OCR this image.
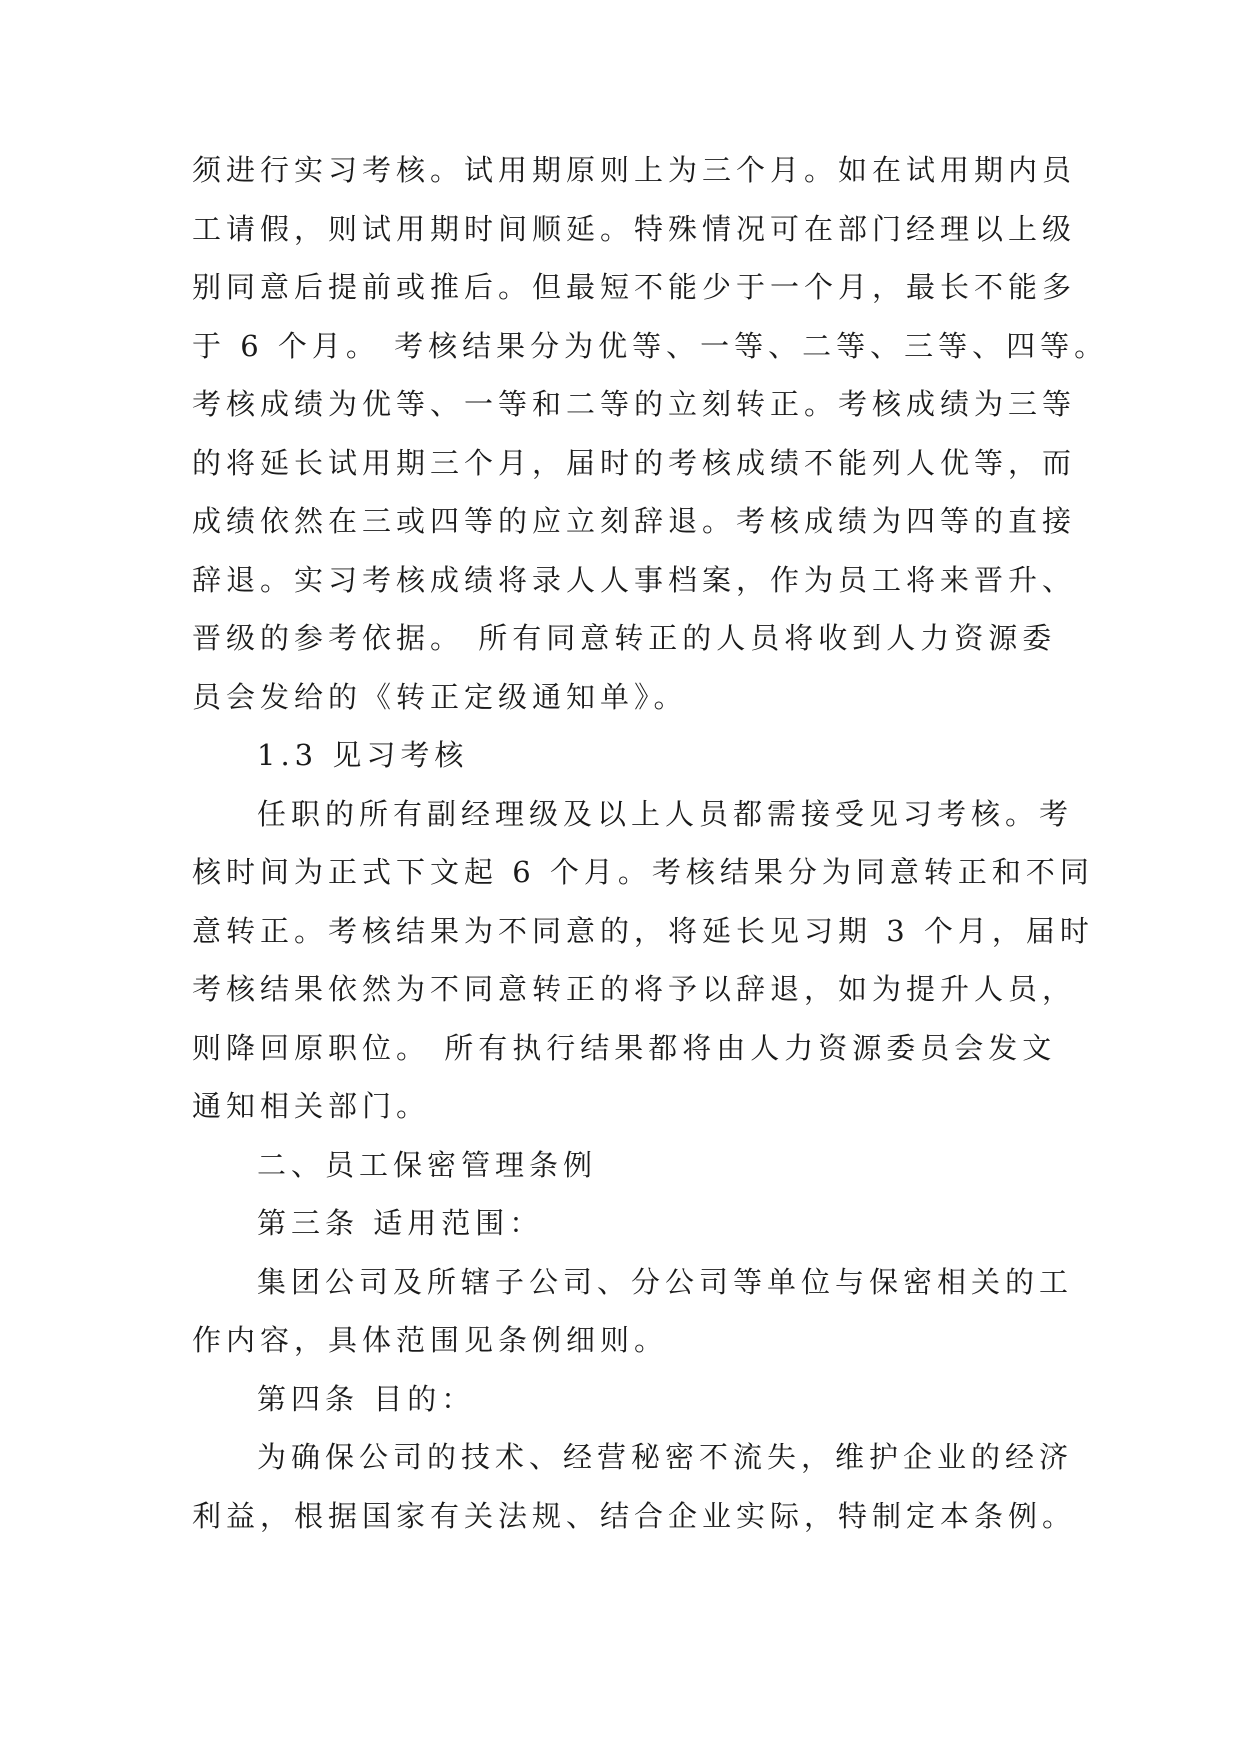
须进行实习考核。试用期原则上为三个月。如在试用期内员

工请假，则试用期时间顺延。特殊情况可在部门经理以上级

别同意后提前或推后。但最短不能少于一个月，最长不能多

于 6 个月。 考核结果分为优等、一等、二等、三等、四等。

考核成绩为优等、一等和二等的立刻转正。考核成绩为三等

的将延长试用期三个月，届时的考核成绩不能列人优等，而

成绩依然在三或四等的应立刻辞退。考核成绩为四等的直接

辞退。实习考核成绩将录人人事档案，作为员工将来晋升、

晋级的参考依据。 所有同意转正的人员将收到人力资源委

员会发给的《转正定级通知单》。

1.3 见习考核

任职的所有副经理级及以上人员都需接受见习考核。考

核时间为正式下文起 6 个月。考核结果分为同意转正和不同

意转正。考核结果为不同意的，将延长见习期 3 个月，届时

考核结果依然为不同意转正的将予以辞退，如为提升人员，

则降回原职位。 所有执行结果都将由人力资源委员会发文

通知相关部门。

二、员工保密管理条例

第三条 适用范围：

集团公司及所辖子公司、分公司等单位与保密相关的工

作内容，具体范围见条例细则。

第四条 目的：

为确保公司的技术、经营秘密不流失，维护企业的经济

利益，根据国家有关法规、结合企业实际，特制定本条例。
